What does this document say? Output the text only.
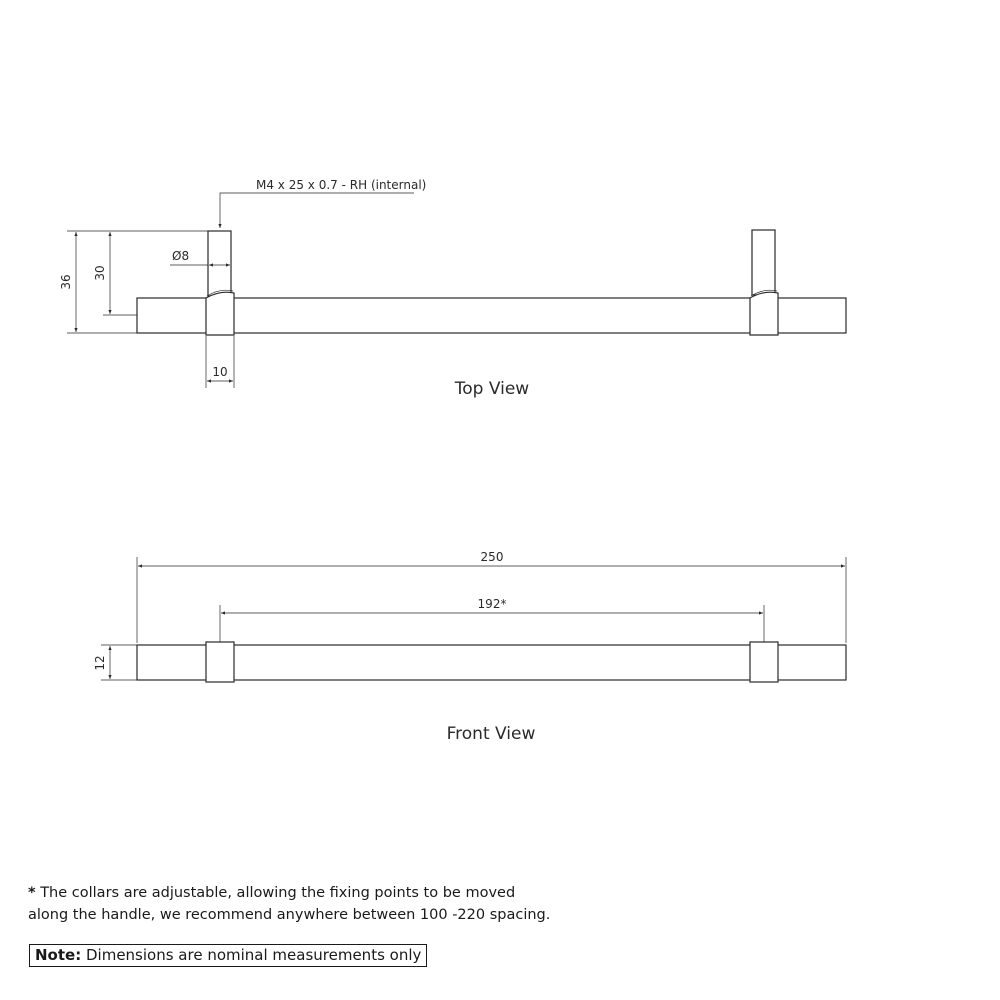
M4 x 25 x 0.7 - RH (internal)
Ø8
36
30
10
Top View
250
192*
12
Front View
* The collars are adjustable, allowing the fixing points to be moved
along the handle, we recommend anywhere between 100 -220 spacing.
Note: Dimensions are nominal measurements only
